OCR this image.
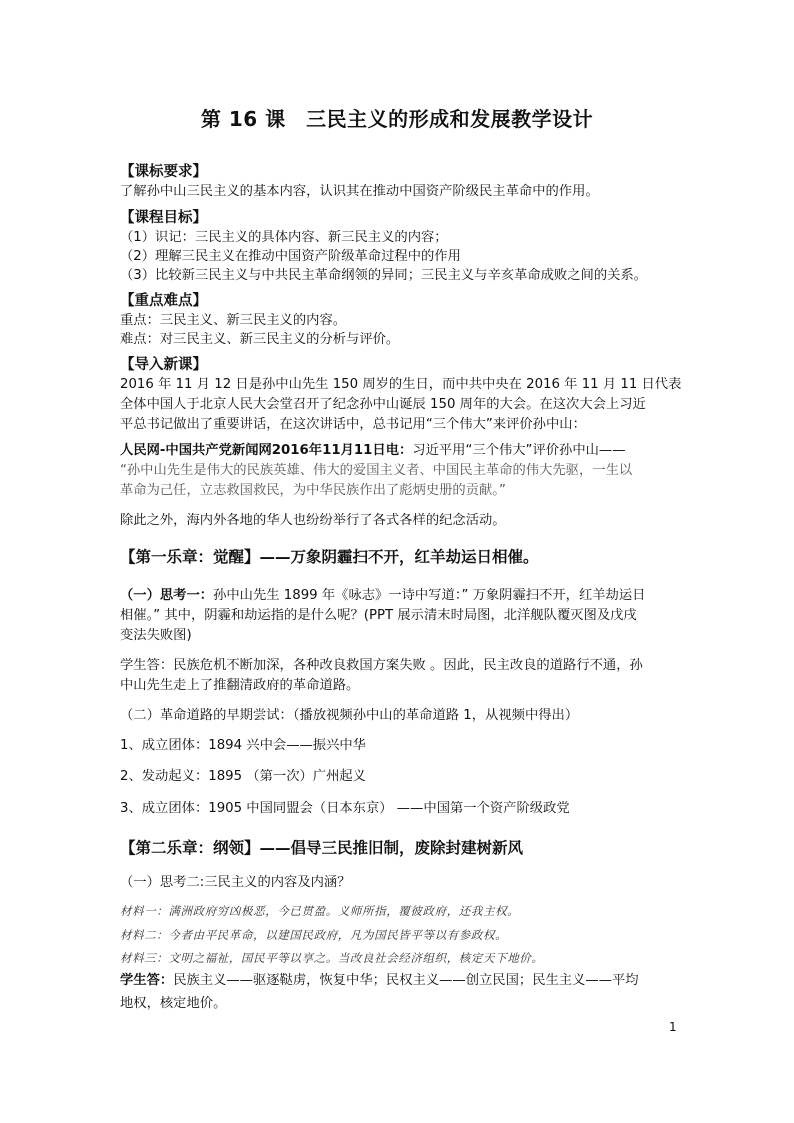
第 16 课　三民主义的形成和发展教学设计
【课标要求】
了解孙中山三民主义的基本内容，认识其在推动中国资产阶级民主革命中的作用。
【课程目标】
（1）识记：三民主义的具体内容、新三民主义的内容；
（2）理解三民主义在推动中国资产阶级革命过程中的作用
（3）比较新三民主义与中共民主革命纲领的异同；三民主义与辛亥革命成败之间的关系。
【重点难点】
重点：三民主义、新三民主义的内容。
难点：对三民主义、新三民主义的分析与评价。
【导入新课】
2016 年 11 月 12 日是孙中山先生 150 周岁的生日，而中共中央在 2016 年 11 月 11 日代表
全体中国人于北京人民大会堂召开了纪念孙中山诞辰 150 周年的大会。在这次大会上习近
平总书记做出了重要讲话，在这次讲话中，总书记用“三个伟大”来评价孙中山：
人民网-中国共产党新闻网2016年11月11日电：习近平用“三个伟大”评价孙中山——
“孙中山先生是伟大的民族英雄、伟大的爱国主义者、中国民主革命的伟大先驱，一生以
革命为己任，立志救国救民，为中华民族作出了彪炳史册的贡献。”
除此之外，海内外各地的华人也纷纷举行了各式各样的纪念活动。
【第一乐章：觉醒】——万象阴霾扫不开，红羊劫运日相催。
（一）思考一：孙中山先生 1899 年《咏志》一诗中写道：” 万象阴霾扫不开，红羊劫运日
相催。” 其中，阴霾和劫运指的是什么呢？(PPT 展示清末时局图，北洋舰队覆灭图及戊戌
变法失败图)
学生答：民族危机不断加深，各种改良救国方案失败 。因此，民主改良的道路行不通，孙
中山先生走上了推翻清政府的革命道路。
（二）革命道路的早期尝试：（播放视频孙中山的革命道路 1，从视频中得出）
1、成立团体：1894 兴中会——振兴中华
2、发动起义：1895 （第一次）广州起义
3、成立团体：1905 中国同盟会（日本东京） ——中国第一个资产阶级政党
【第二乐章：纲领】——倡导三民推旧制，废除封建树新风
（一）思考二:三民主义的内容及内涵？
材料一：满洲政府穷凶极恶，今已贯盈。义师所指，覆彼政府，还我主权。
材料二：今者由平民革命，以建国民政府，凡为国民皆平等以有参政权。
材料三：文明之福祉，国民平等以享之。当改良社会经济组织，核定天下地价。
学生答：民族主义——驱逐鞑虏，恢复中华；民权主义——创立民国；民生主义——平均
地权，核定地价。
1
